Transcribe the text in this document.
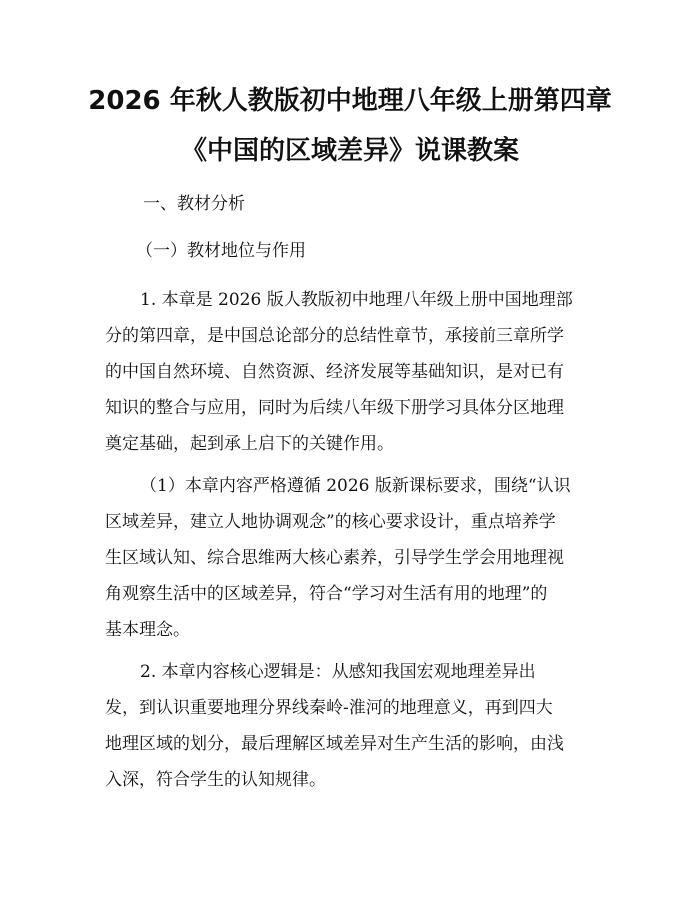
2026 年秋人教版初中地理八年级上册第四章
《中国的区域差异》说课教案
一、教材分析
（一）教材地位与作用
1. 本章是 2026 版人教版初中地理八年级上册中国地理部
分的第四章，是中国总论部分的总结性章节，承接前三章所学
的中国自然环境、自然资源、经济发展等基础知识，是对已有
知识的整合与应用，同时为后续八年级下册学习具体分区地理
奠定基础，起到承上启下的关键作用。
（1）本章内容严格遵循 2026 版新课标要求，围绕“认识
区域差异，建立人地协调观念”的核心要求设计，重点培养学
生区域认知、综合思维两大核心素养，引导学生学会用地理视
角观察生活中的区域差异，符合“学习对生活有用的地理”的
基本理念。
2. 本章内容核心逻辑是：从感知我国宏观地理差异出
发，到认识重要地理分界线秦岭-淮河的地理意义，再到四大
地理区域的划分，最后理解区域差异对生产生活的影响，由浅
入深，符合学生的认知规律。
